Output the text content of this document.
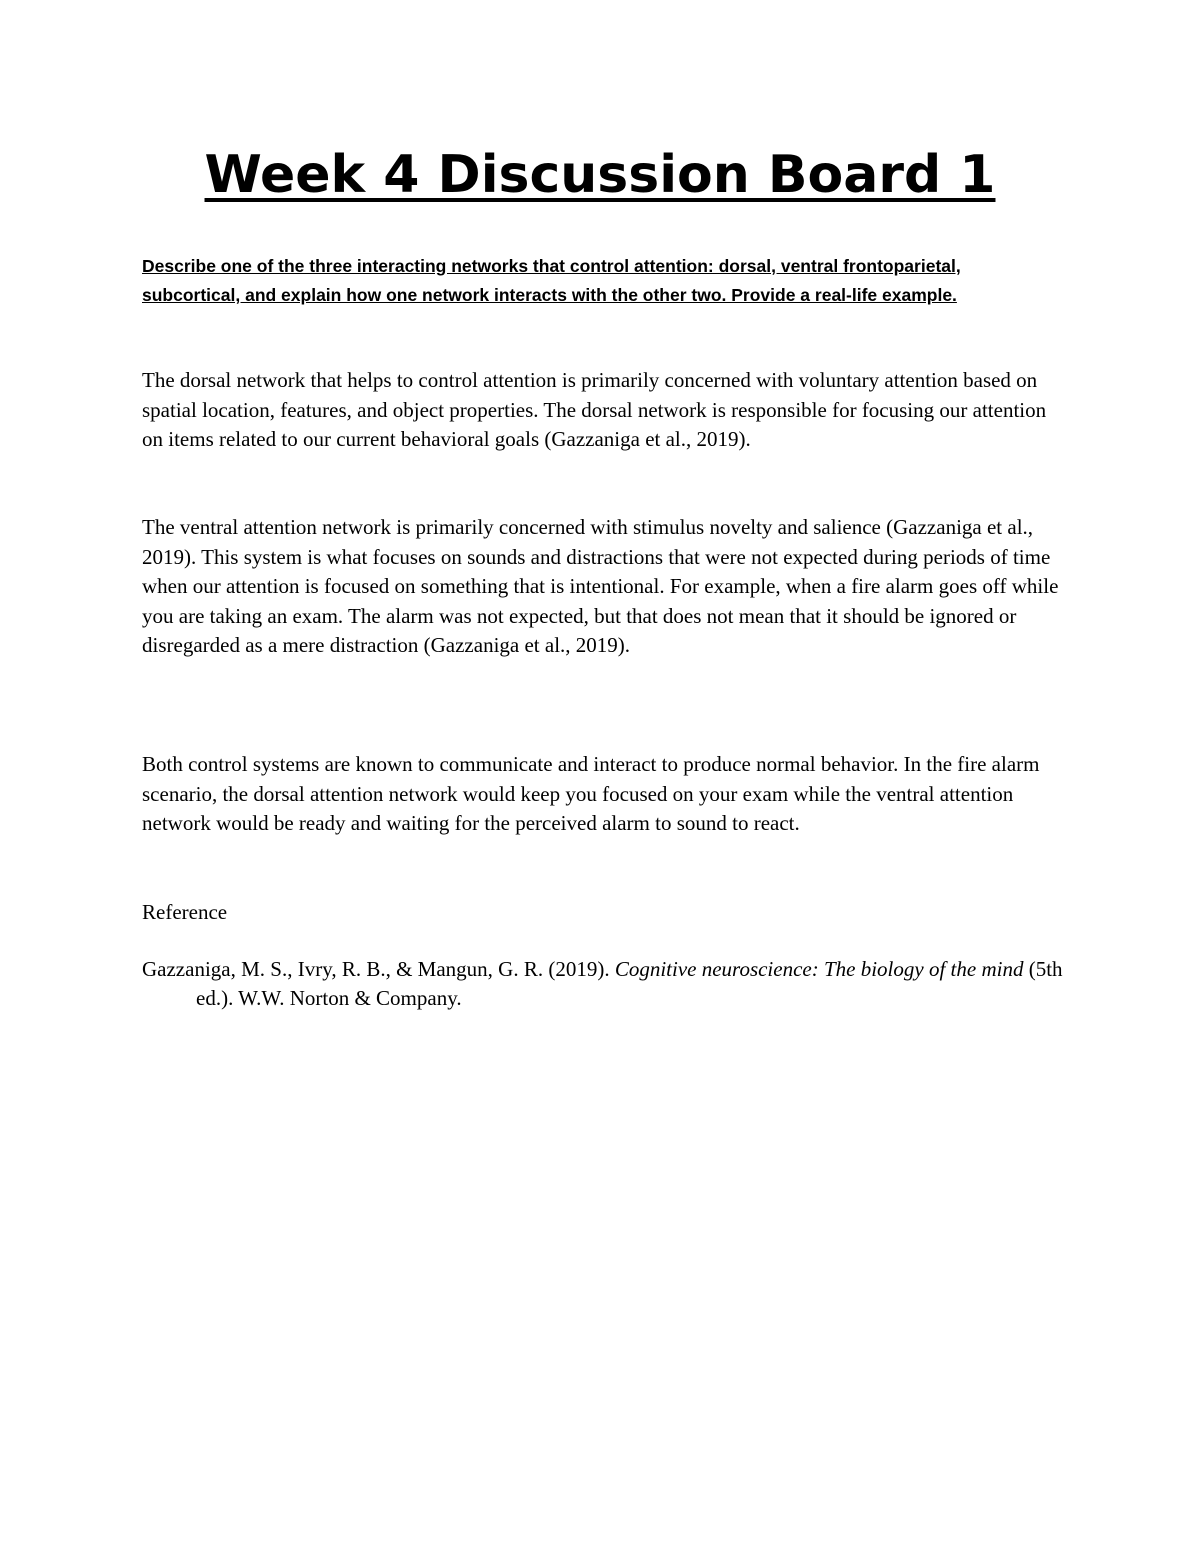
Week 4 Discussion Board 1

Describe one of the three interacting networks that control attention: dorsal, ventral frontoparietal, subcortical, and explain how one network interacts with the other two. Provide a real-life example.

The dorsal network that helps to control attention is primarily concerned with voluntary attention based on spatial location, features, and object properties. The dorsal network is responsible for focusing our attention on items related to our current behavioral goals (Gazzaniga et al., 2019).

The ventral attention network is primarily concerned with stimulus novelty and salience (Gazzaniga et al., 2019). This system is what focuses on sounds and distractions that were not expected during periods of time when our attention is focused on something that is intentional. For example, when a fire alarm goes off while you are taking an exam. The alarm was not expected, but that does not mean that it should be ignored or disregarded as a mere distraction (Gazzaniga et al., 2019).

Both control systems are known to communicate and interact to produce normal behavior. In the fire alarm scenario, the dorsal attention network would keep you focused on your exam while the ventral attention network would be ready and waiting for the perceived alarm to sound to react.

Reference

Gazzaniga, M. S., Ivry, R. B., & Mangun, G. R. (2019). Cognitive neuroscience: The biology of the mind (5th ed.). W.W. Norton & Company.
